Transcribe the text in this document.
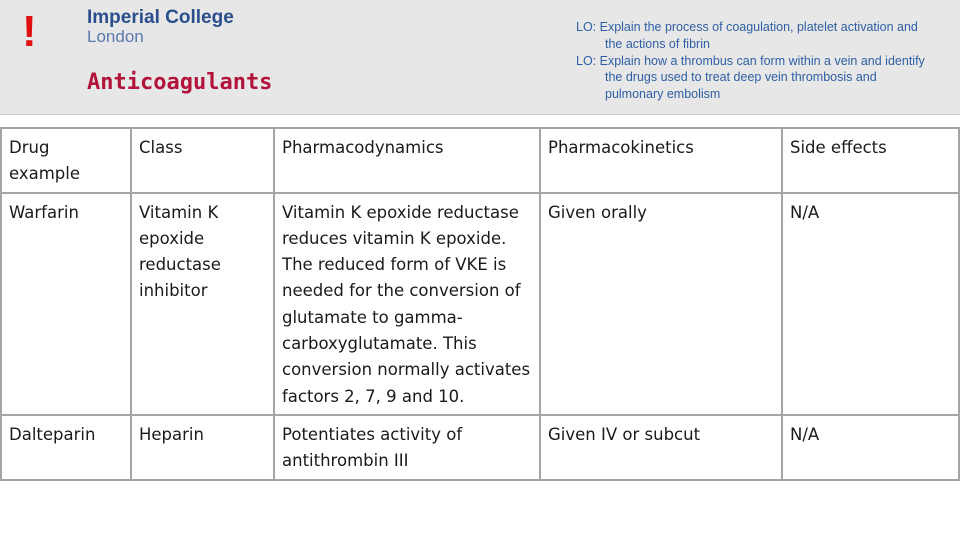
!	Imperial College
London
Anticoagulants
LO: Explain the process of coagulation, platelet activation and the actions of fibrin
LO: Explain how a thrombus can form within a vein and identify the drugs used to treat deep vein thrombosis and pulmonary embolism
Drug example	Class	Pharmacodynamics	Pharmacokinetics	Side effects
Warfarin	Vitamin K epoxide reductase inhibitor	Vitamin K epoxide reductase reduces vitamin K epoxide. The reduced form of VKE is needed for the conversion of glutamate to gamma-carboxyglutamate. This conversion normally activates factors 2, 7, 9 and 10.	Given orally	N/A
Dalteparin	Heparin	Potentiates activity of antithrombin III	Given IV or subcut	N/A
